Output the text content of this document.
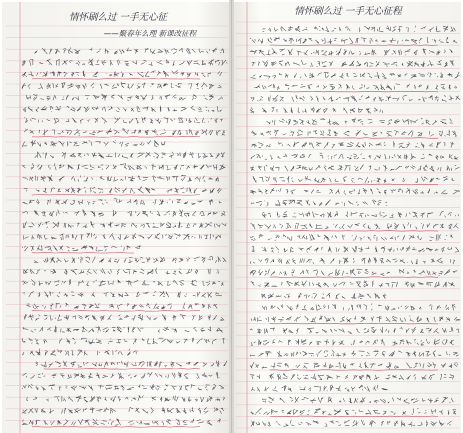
情怀刷么过 一手无心征
——聚春年么理 新课改征程
情怀刷么过 一手无心征程
